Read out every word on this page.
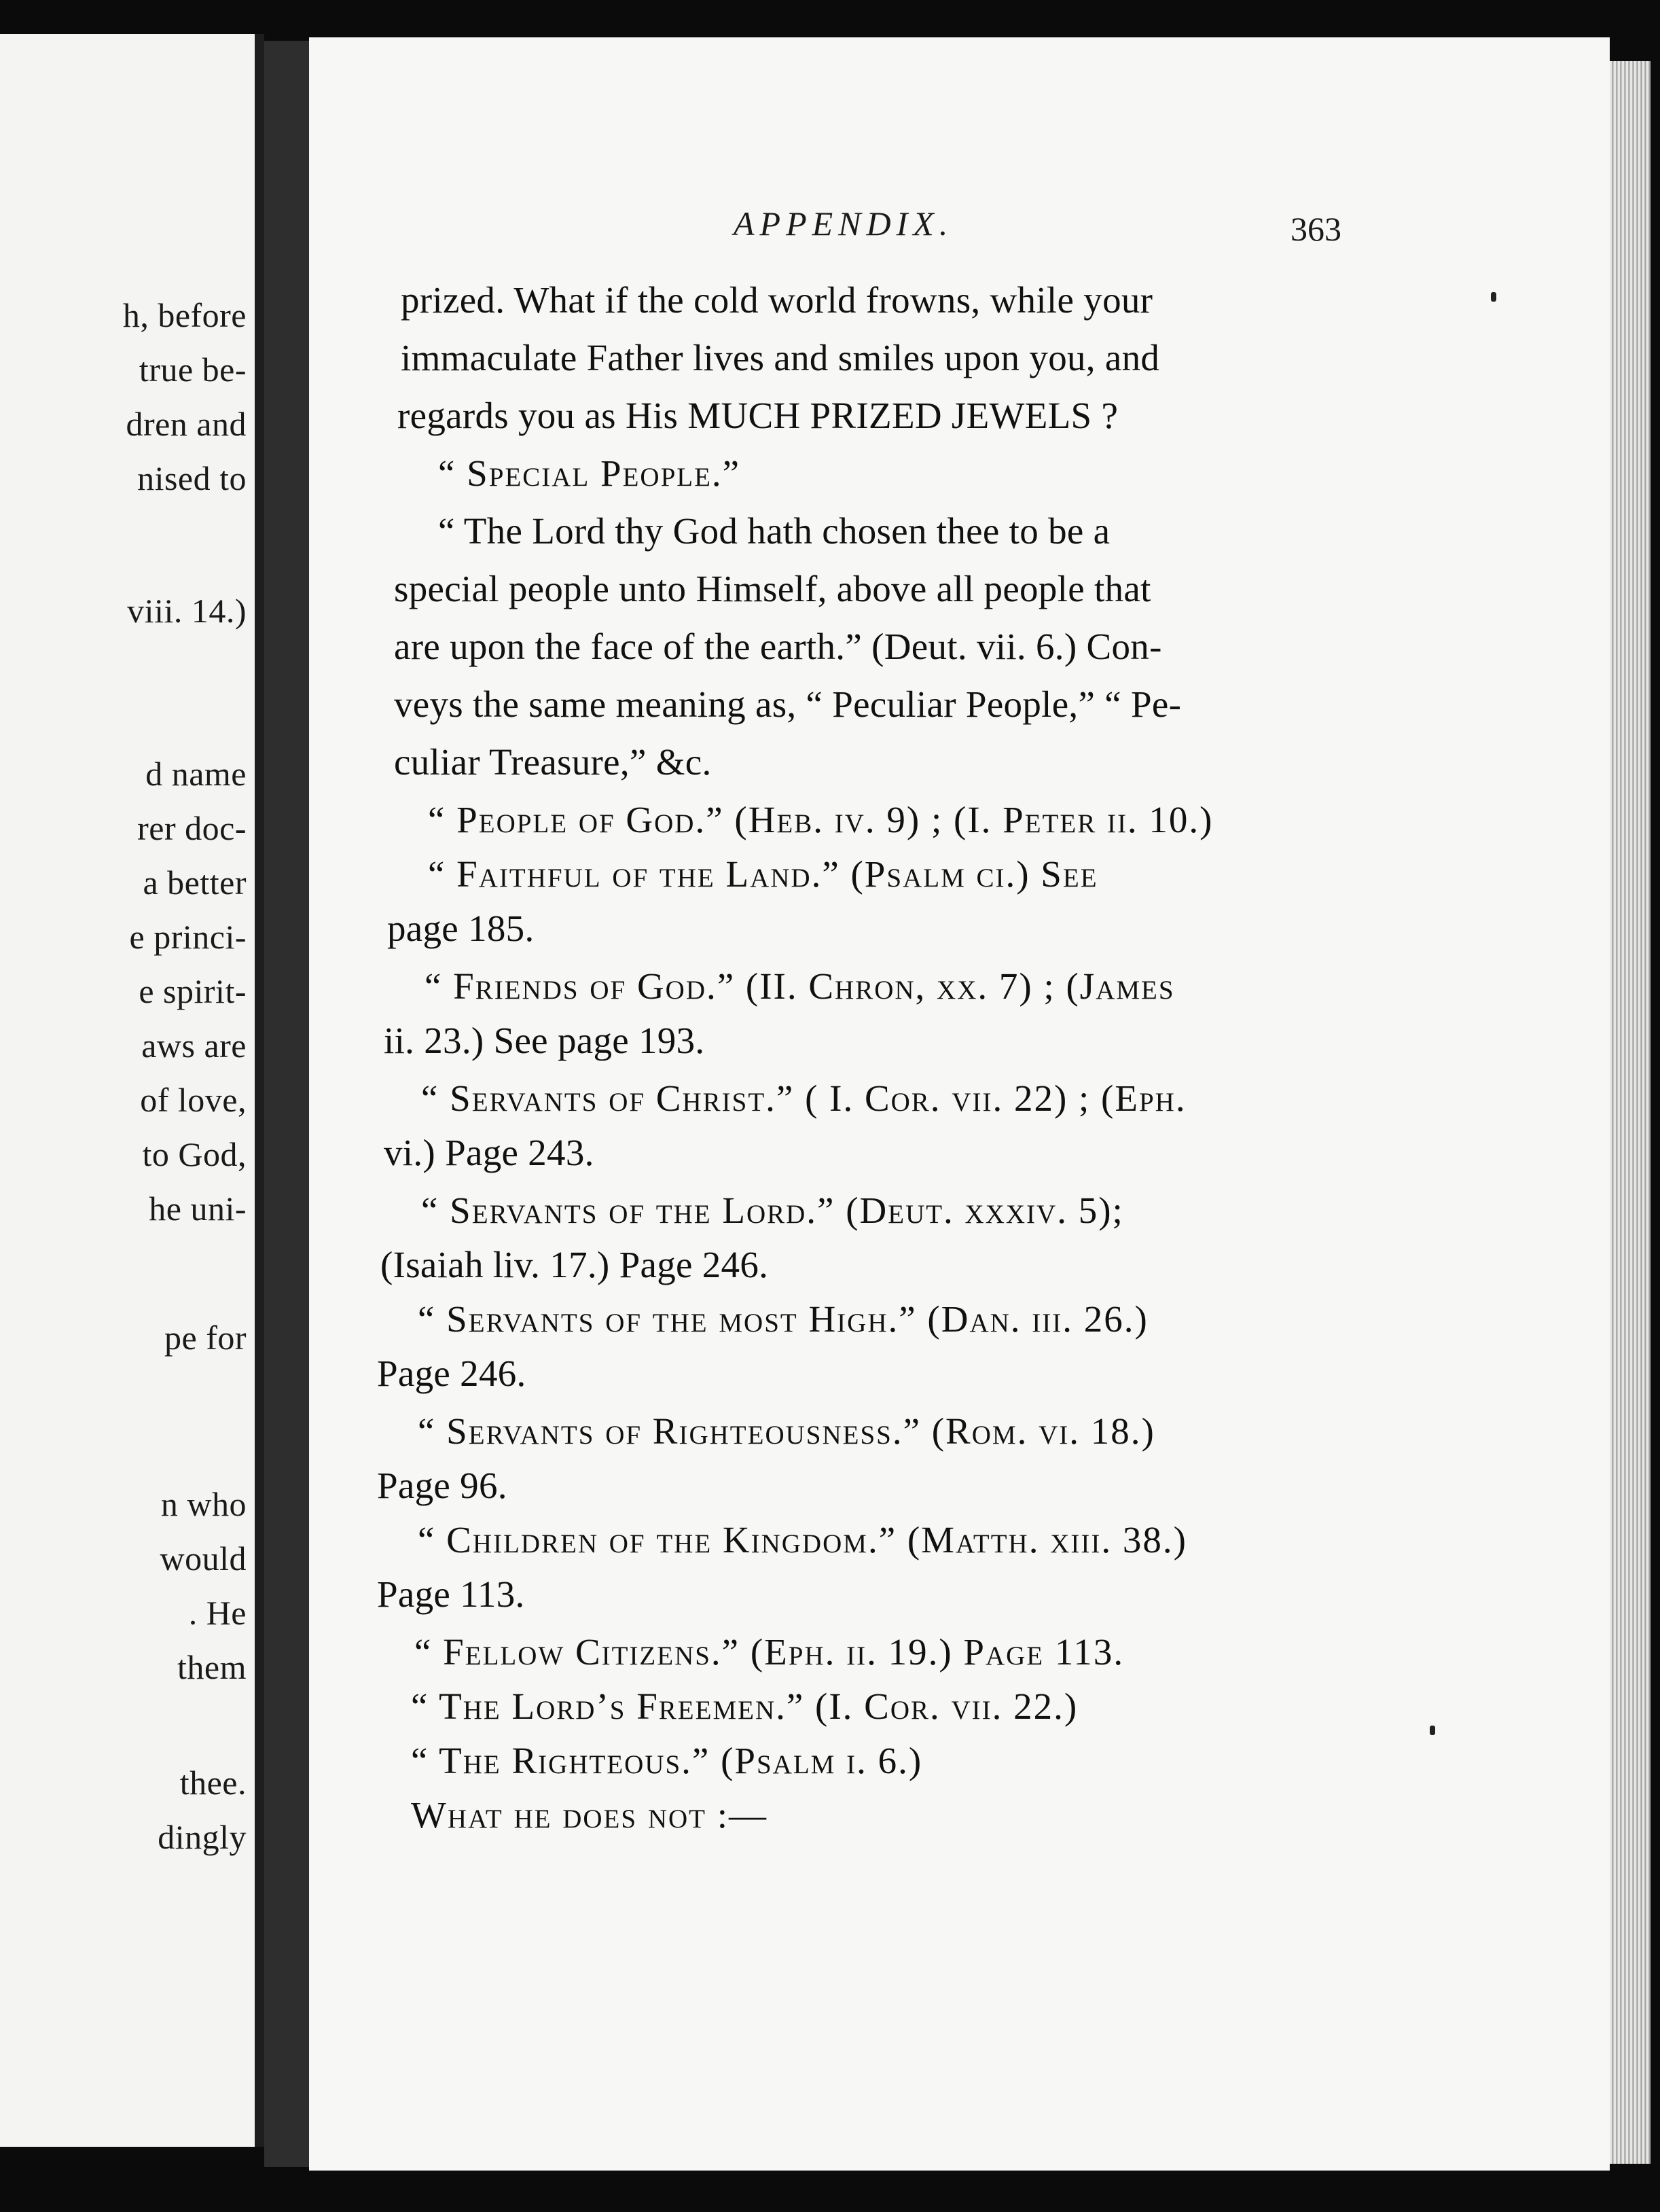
h, before
true be-
dren and
nised to
viii. 14.)
d name
rer doc-
a better
e princi-
e spirit-
aws are
of love,
to God,
he uni-
pe for
n who
would
. He
them
thee.
dingly
APPENDIX.	363
prized. What if the cold world frowns, while your
immaculate Father lives and smiles upon you, and
regards you as His MUCH PRIZED JEWELS ?
“ Special People.”
“ The Lord thy God hath chosen thee to be a
special people unto Himself, above all people that
are upon the face of the earth.” (Deut. vii. 6.) Con-
veys the same meaning as, “ Peculiar People,” “ Pe-
culiar Treasure,” &c.
“ People of God.” (Heb. iv. 9) ; (I. Peter ii. 10.)
“ Faithful of the Land.” (Psalm ci.) See
page 185.
“ Friends of God.” (II. Chron, xx. 7) ; (James
ii. 23.) See page 193.
“ Servants of Christ.” ( I. Cor. vii. 22) ; (Eph.
vi.) Page 243.
“ Servants of the Lord.” (Deut. xxxiv. 5);
(Isaiah liv. 17.) Page 246.
“ Servants of the most High.” (Dan. iii. 26.)
Page 246.
“ Servants of Righteousness.” (Rom. vi. 18.)
Page 96.
“ Children of the Kingdom.” (Matth. xiii. 38.)
Page 113.
“ Fellow Citizens.” (Eph. ii. 19.) Page 113.
“ The Lord’s Freemen.” (I. Cor. vii. 22.)
“ The Righteous.” (Psalm i. 6.)
What he does not :—
